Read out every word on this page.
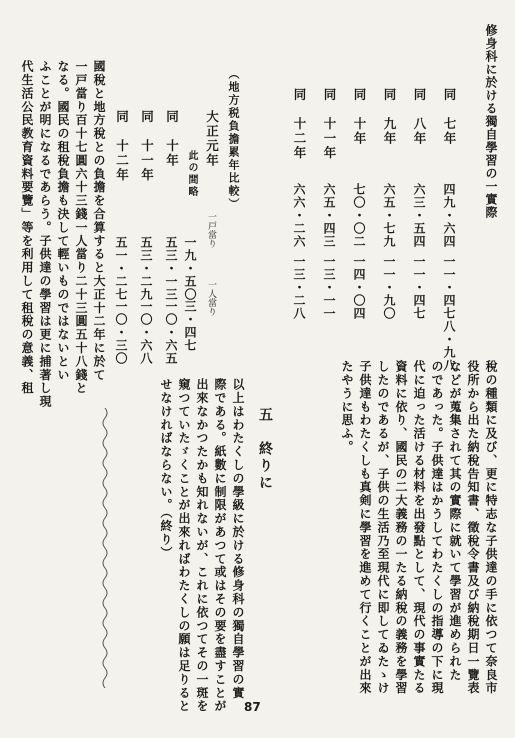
修身科に於ける獨自學習の一實際
同　七年
同　八年
同　九年
同　十年
同　十一年
同　十二年
四九・六四
六三・五四
六五・七九
七〇・〇二
六五・四三
六六・二六
一一・四七
一一・四七
一一・九〇
一四・〇四
一三・一一
一三・二八
八・九八
（地方税負擔累年比較）
一戸當り
一人當り
大正元年
此の間略
同　十年
同　十一年
同　十二年
一九・五〇
五三・一三
五三・二九
五一・二七
三・四七
一〇・六五
一〇・六八
一〇・三〇
國稅と地方稅との負擔を合算すると大正十二年に於て
一戸當り百十七圓六十三錢一人當り二十三圓五十八錢と
なる。國民の租稅負擔も決して輕いものではないとい
ふことが明になるであらう。子供達の學習は更に捕著し現
代生活公民教育資料要覽」等を利用して租稅の意義、租
稅の種類に及び、更に特志な子供達の手に依つて奈良市
役所から出た納稅告知書、徵稅令書及び納稅期日一覽表
などが蒐集されて其の實際に就いて學習が進められた
のであった。子供達はかうしてわたくしの指導の下に現
代に迫った活ける材料を出發點として、現代の事實たる
資料に依り、國民の二大義務の一たる納稅の義務を學習
したのであるが、子供の生活乃至現代に即してゐたゝけ
子供達もわたくしも真剣に學習を進めて行くことが出來
たやうに思ふ。
五　終りに
以上はわたくしの學級に於ける修身科の獨自學習の實
際である。紙數に制限があつて或はその要を盡すことが
出來なかつたかも知れないが、これに依つてその一斑を
窺つていたゞくことが出來ればわたくしの願は足りると
せなければならない。（終り）
87
